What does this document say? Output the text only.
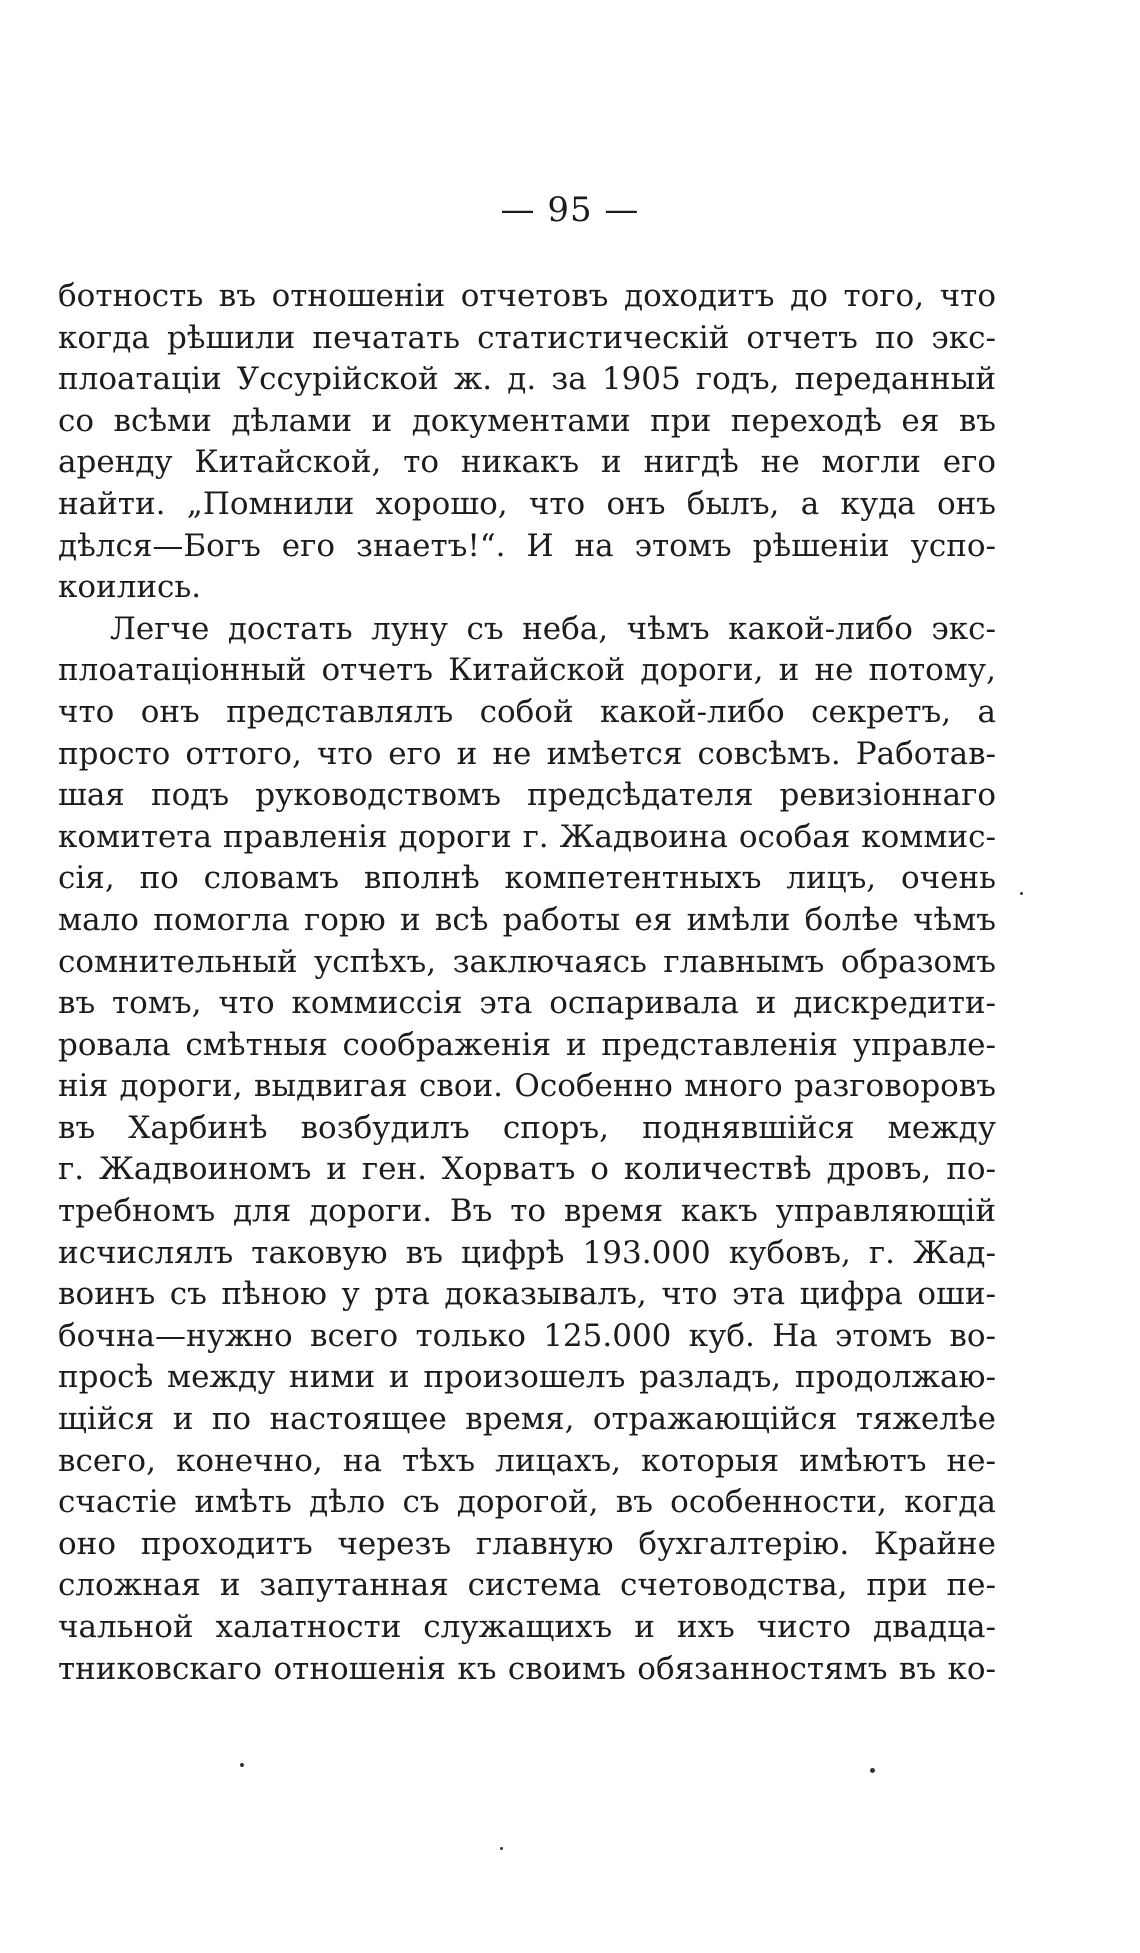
— 95 —
ботность въ отношеніи отчетовъ доходитъ до того, что
когда рѣшили печатать статистическій отчетъ по экс-
плоатаціи Уссурійской ж. д. за 1905 годъ, переданный
со всѣми дѣлами и документами при переходѣ ея въ
аренду Китайской, то никакъ и нигдѣ не могли его
найти. „Помнили хорошо, что онъ былъ, а куда онъ
дѣлся—Богъ его знаетъ!“. И на этомъ рѣшеніи успо-
коились.
Легче достать луну съ неба, чѣмъ какой-либо экс-
плоатаціонный отчетъ Китайской дороги, и не потому,
что онъ представлялъ собой какой-либо секретъ, а
просто оттого, что его и не имѣется совсѣмъ. Работав-
шая подъ руководствомъ предсѣдателя ревизіоннаго
комитета правленія дороги г. Жадвоина особая коммис-
сія, по словамъ вполнѣ компетентныхъ лицъ, очень
мало помогла горю и всѣ работы ея имѣли болѣе чѣмъ
сомнительный успѣхъ, заключаясь главнымъ образомъ
въ томъ, что коммиссія эта оспаривала и дискредити-
ровала смѣтныя соображенія и представленія управле-
нія дороги, выдвигая свои. Особенно много разговоровъ
въ Харбинѣ возбудилъ споръ, поднявшійся между
г. Жадвоиномъ и ген. Хорватъ о количествѣ дровъ, по-
требномъ для дороги. Въ то время какъ управляющій
исчислялъ таковую въ цифрѣ 193.000 кубовъ, г. Жад-
воинъ съ пѣною у рта доказывалъ, что эта цифра оши-
бочна—нужно всего только 125.000 куб. На этомъ во-
просѣ между ними и произошелъ разладъ, продолжаю-
щійся и по настоящее время, отражающійся тяжелѣе
всего, конечно, на тѣхъ лицахъ, которыя имѣютъ не-
счастіе имѣть дѣло съ дорогой, въ особенности, когда
оно проходитъ черезъ главную бухгалтерію. Крайне
сложная и запутанная система счетоводства, при пе-
чальной халатности служащихъ и ихъ чисто двадца-
тниковскаго отношенія къ своимъ обязанностямъ въ ко-
